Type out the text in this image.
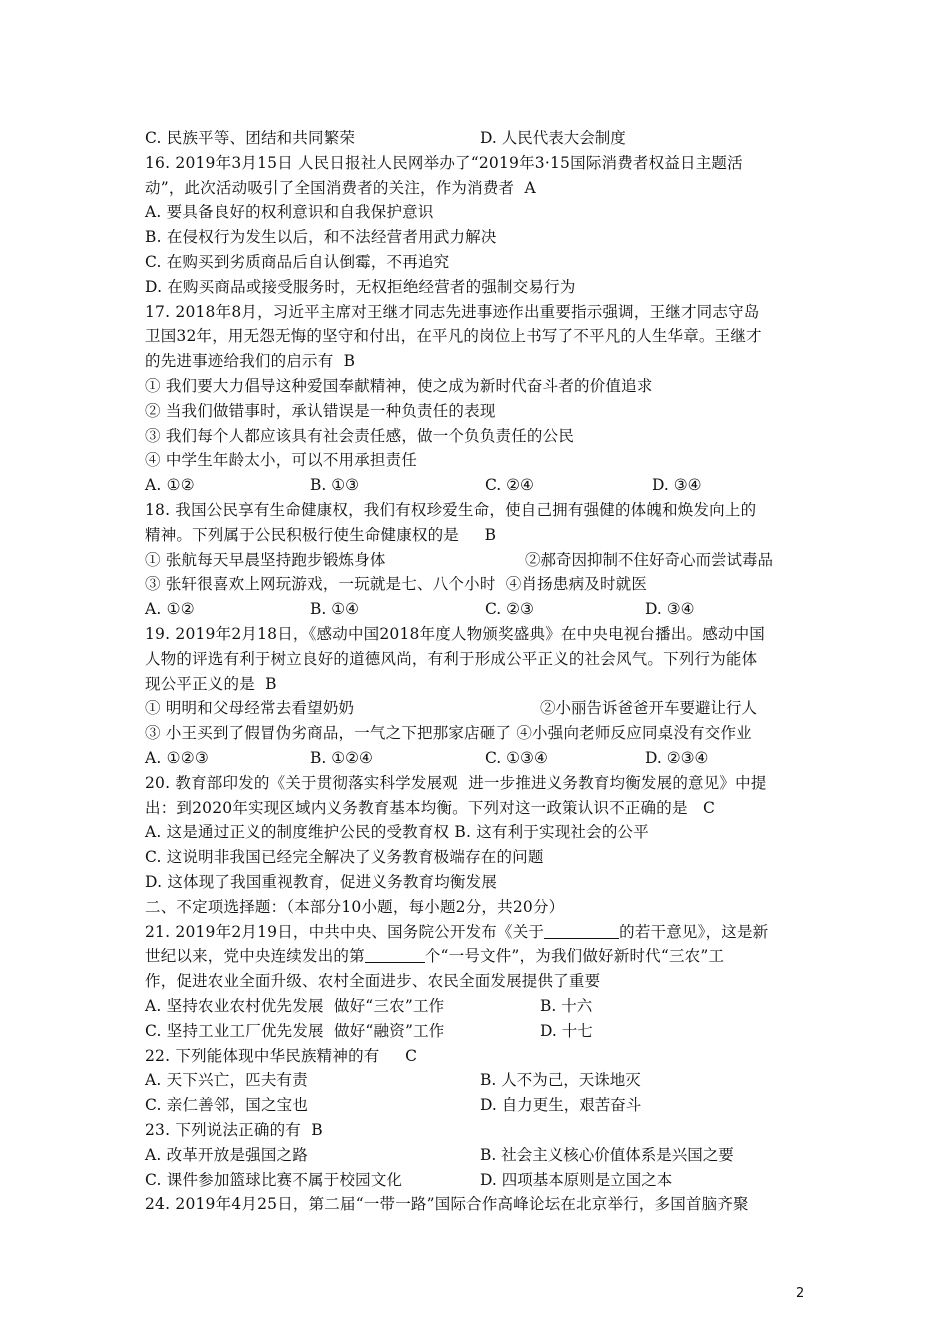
C. 民族平等、团结和共同繁荣	D. 人民代表大会制度
16. 2019年3月15日 人民日报社人民网举办了“2019年3·15国际消费者权益日主题活
动”，此次活动吸引了全国消费者的关注，作为消费者  A
A. 要具备良好的权利意识和自我保护意识
B. 在侵权行为发生以后，和不法经营者用武力解决
C. 在购买到劣质商品后自认倒霉，不再追究
D. 在购买商品或接受服务时，无权拒绝经营者的强制交易行为
17. 2018年8月，习近平主席对王继才同志先进事迹作出重要指示强调，王继才同志守岛
卫国32年，用无怨无悔的坚守和付出，在平凡的岗位上书写了不平凡的人生华章。王继才
的先进事迹给我们的启示有  B
① 我们要大力倡导这种爱国奉献精神，使之成为新时代奋斗者的价值追求
② 当我们做错事时，承认错误是一种负责任的表现
③ 我们每个人都应该具有社会责任感，做一个负负责任的公民
④ 中学生年龄太小，可以不用承担责任
A. ①②	B. ①③	C. ②④	D. ③④
18. 我国公民享有生命健康权，我们有权珍爱生命，使自己拥有强健的体魄和焕发向上的
精神。下列属于公民积极行使生命健康权的是     B
① 张航每天早晨坚持跑步锻炼身体	②郝奇因抑制不住好奇心而尝试毒品
③ 张轩很喜欢上网玩游戏，一玩就是七、八个小时  ④肖扬患病及时就医
A. ①②	B. ①④	C. ②③	D. ③④
19. 2019年2月18日，《感动中国2018年度人物颁奖盛典》在中央电视台播出。感动中国
人物的评选有利于树立良好的道德风尚，有利于形成公平正义的社会风气。下列行为能体
现公平正义的是  B
① 明明和父母经常去看望奶奶	②小丽告诉爸爸开车要避让行人
③ 小王买到了假冒伪劣商品，一气之下把那家店砸了 ④小强向老师反应同桌没有交作业
A. ①②③	B. ①②④	C. ①③④	D. ②③④
20. 教育部印发的《关于贯彻落实科学发展观  进一步推进义务教育均衡发展的意见》中提
出：到2020年实现区域内义务教育基本均衡。下列对这一政策认识不正确的是   C
A. 这是通过正义的制度维护公民的受教育权 B. 这有利于实现社会的公平
C. 这说明非我国已经完全解决了义务教育极端存在的问题
D. 这体现了我国重视教育，促进义务教育均衡发展
二、不定项选择题：（本部分10小题，每小题2分，共20分）
21. 2019年2月19日，中共中央、国务院公开发布《关于	的若干意见》，这是新
世纪以来，党中央连续发出的第	个“一号文件”，为我们做好新时代“三农”工
作，促进农业全面升级、农村全面进步、农民全面发展提供了重要
A. 坚持农业农村优先发展  做好“三农”工作	B. 十六
C. 坚持工业工厂优先发展  做好“融资”工作	D. 十七
22. 下列能体现中华民族精神的有     C
A. 天下兴亡，匹夫有责	B. 人不为己，天诛地灭
C. 亲仁善邻，国之宝也	D. 自力更生，艰苦奋斗
23. 下列说法正确的有  B
A. 改革开放是强国之路	B. 社会主义核心价值体系是兴国之要
C. 课件参加篮球比赛不属于校园文化	D. 四项基本原则是立国之本
24. 2019年4月25日，第二届“一带一路”国际合作高峰论坛在北京举行，多国首脑齐聚
2
